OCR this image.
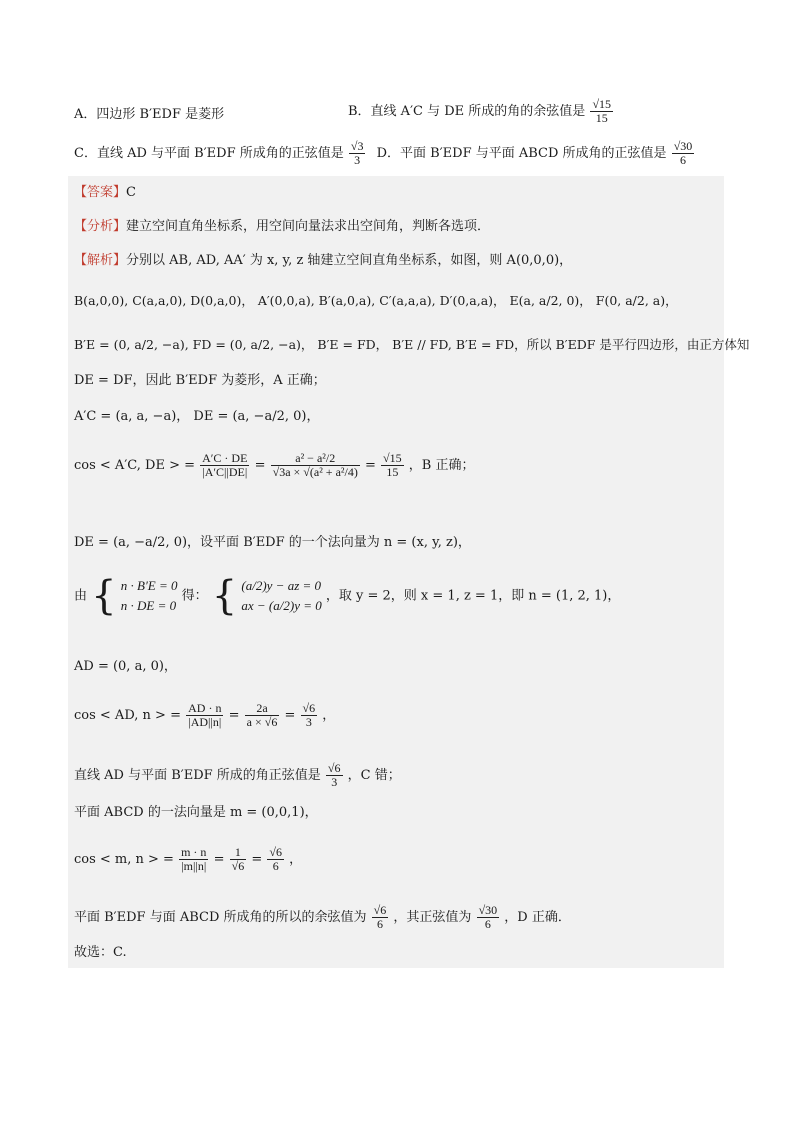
A．四边形 B′EDF 是菱形	B．直线 A′C 与 DE 所成的角的余弦值是 $\frac{√15}{15}$
C．直线 AD 与平面 B′EDF 所成角的正弦值是 $\frac{√3}{3}$ D．平面 B′EDF 与平面 ABCD 所成角的正弦值是 $\frac{√30}{6}$
【答案】C
【分析】建立空间直角坐标系，用空间向量法求出空间角，判断各选项．
【解析】分别以 AB, AD, AA′ 为 x, y, z 轴建立空间直角坐标系，如图，则 A(0,0,0)，
B(a,0,0), C(a,a,0), D(0,a,0)， A′(0,0,a), B′(a,0,a), C′(a,a,a), D′(0,a,a)， E(a, a/2, 0)， F(0, a/2, a)，
B′E = (0, a/2, −a), FD = (0, a/2, −a)， B′E = FD， B′E // FD, B′E = FD，所以 B′EDF 是平行四边形，由正方体知
DE = DF，因此 B′EDF 为菱形，A 正确；
A′C = (a, a, −a)， DE = (a, −a/2, 0)，
cos < A′C, DE > = $\frac{A'C \cdot DE}{|A'C||DE|} = \frac{\text{a² − a²/2}}{\text{√3a × √(a² + a²/4)}} = \frac{√15}{15}$ ，B 正确；
DE = (a, −a/2, 0)，设平面 B′EDF 的一个法向量为 n = (x, y, z)，
由 { n · B′E = 0
n · DE = 0
得： { (a/2)y − az = 0
ax − (a/2)y = 0
，取 y = 2，则 x = 1, z = 1，即 n = (1, 2, 1)，
AD = (0, a, 0)，
cos < AD, n > = $\frac{AD \cdot n}{|AD||n|} = \frac{2a}{a \times √6} = \frac{√6}{3}$ ，
直线 AD 与平面 B′EDF 所成的角正弦值是 $\frac{√6}{3}$ ，C 错；
平面 ABCD 的一法向量是 m = (0,0,1)，
cos < m, n > = $\frac{m \cdot n}{|m||n|} = \frac{1}{√6} = \frac{√6}{6}$ ，
平面 B′EDF 与面 ABCD 所成角的所以的余弦值为 $\frac{√6}{6}$ ，其正弦值为 $\frac{√30}{6}$ ，D 正确．
故选：C.
